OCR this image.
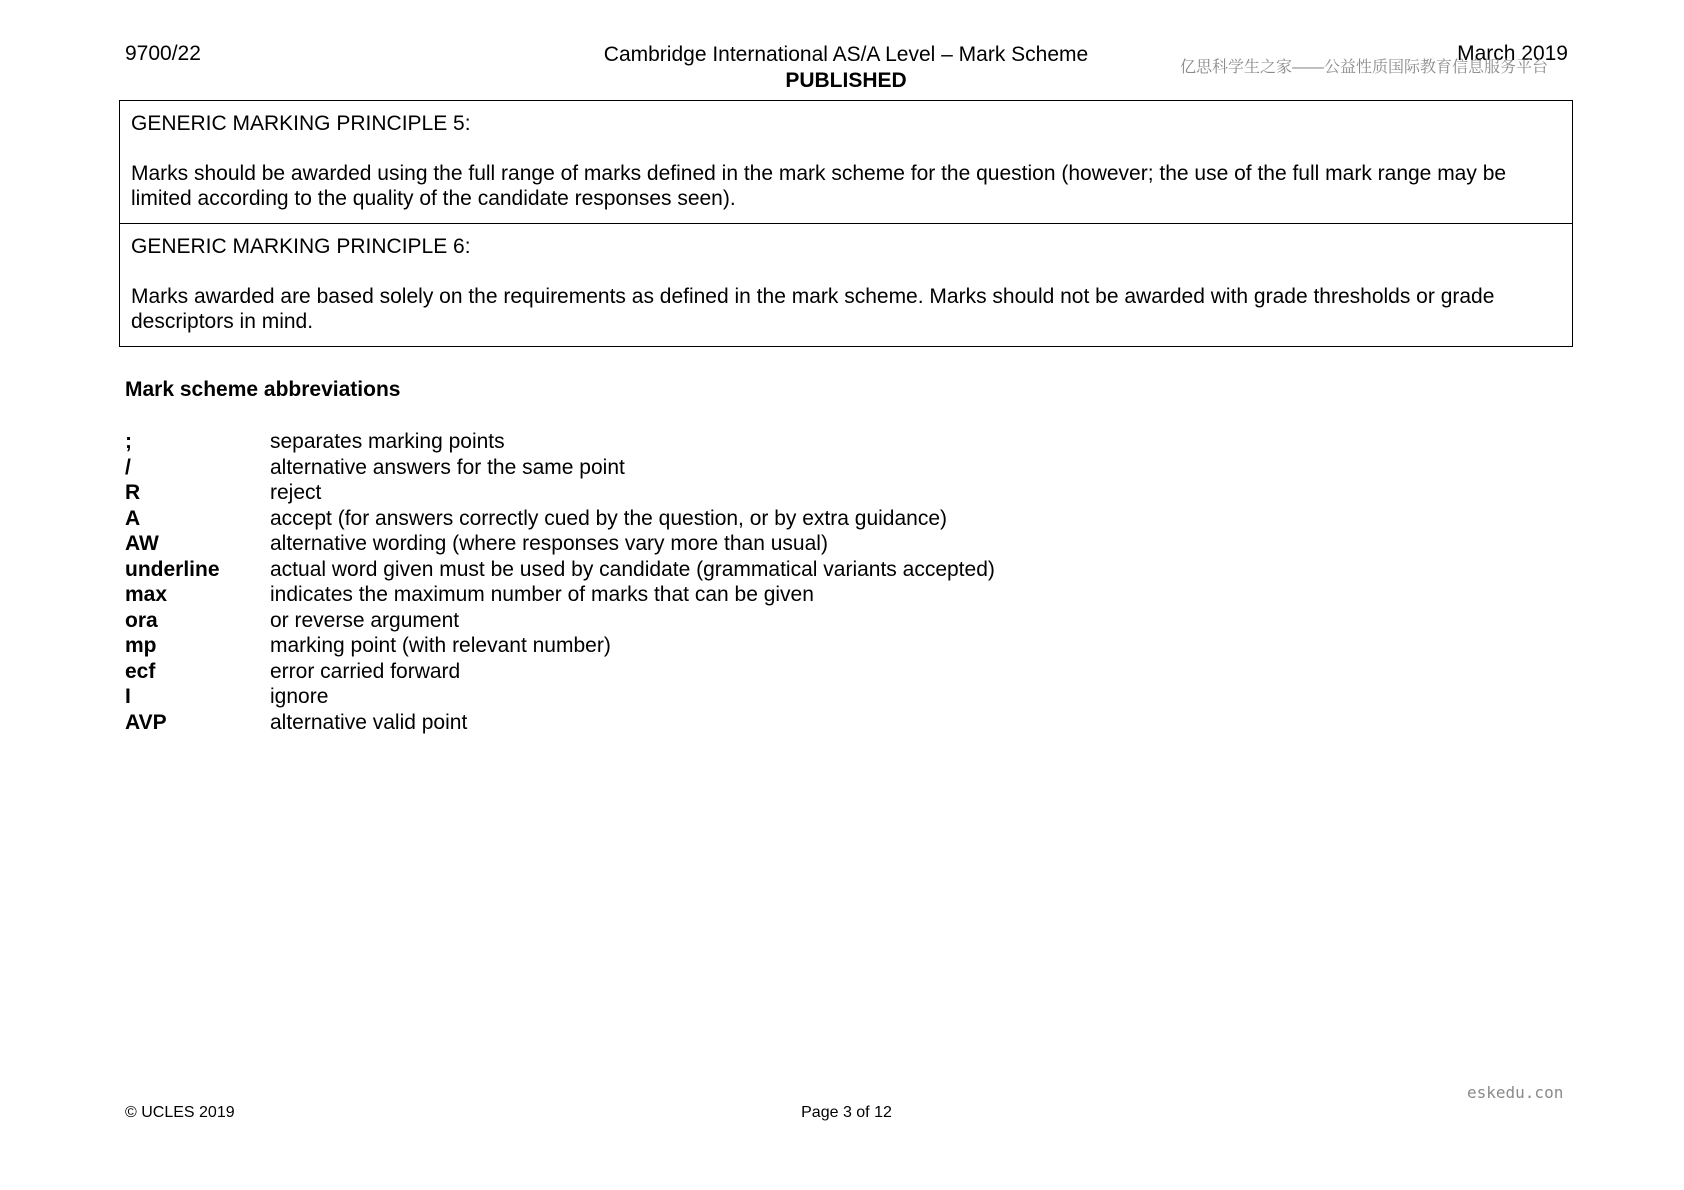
9700/22	Cambridge International AS/A Level – Mark Scheme
PUBLISHED
March 2019
亿思科学生之家——公益性质国际教育信息服务平台

GENERIC MARKING PRINCIPLE 5:

Marks should be awarded using the full range of marks defined in the mark scheme for the question (however; the use of the full mark range may be limited according to the quality of the candidate responses seen).

GENERIC MARKING PRINCIPLE 6:

Marks awarded are based solely on the requirements as defined in the mark scheme. Marks should not be awarded with grade thresholds or grade descriptors in mind.

Mark scheme abbreviations
;	separates marking points
/	alternative answers for the same point
R	reject
A	accept (for answers correctly cued by the question, or by extra guidance)
AW	alternative wording (where responses vary more than usual)
underline	actual word given must be used by candidate (grammatical variants accepted)
max	indicates the maximum number of marks that can be given
ora	or reverse argument
mp	marking point (with relevant number)
ecf	error carried forward
I	ignore
AVP	alternative valid point
eskedu.con
© UCLES 2019	Page 3 of 12
